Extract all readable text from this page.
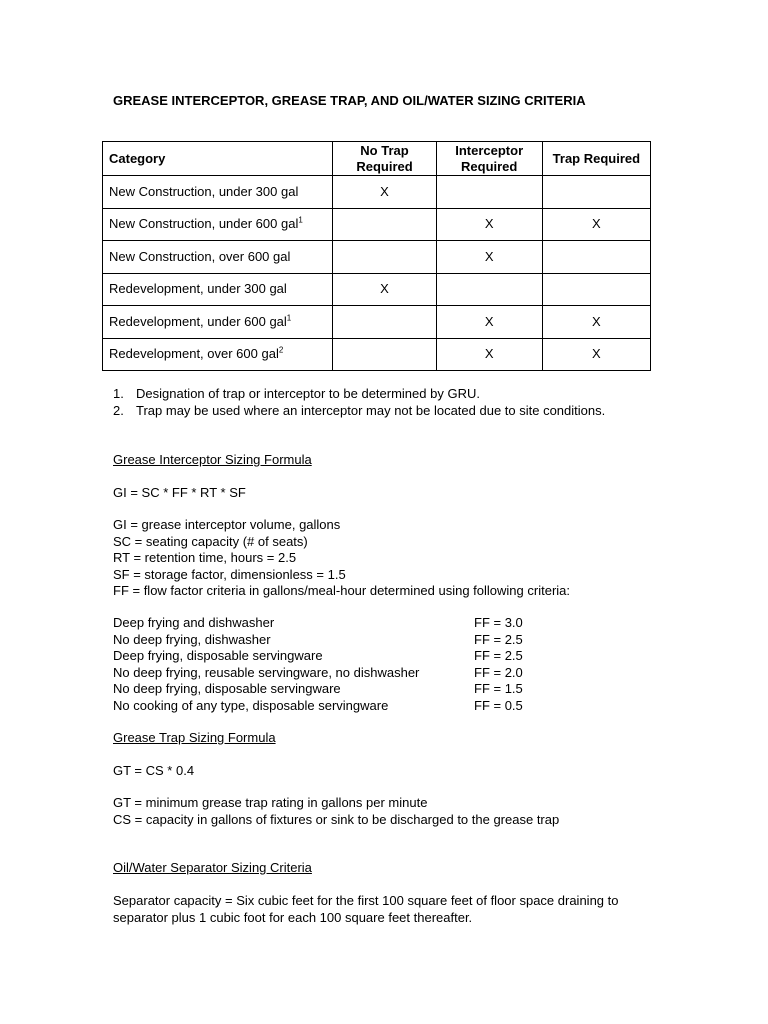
GREASE INTERCEPTOR, GREASE TRAP, AND OIL/WATER SIZING CRITERIA
Category	No Trap Required	Interceptor Required	Trap Required
New Construction, under 300 gal	X		
New Construction, under 600 gal$^1$		X	X
New Construction, over 600 gal		X	
Redevelopment, under 300 gal	X		
Redevelopment, under 600 gal$^1$		X	X
Redevelopment, over 600 gal$^2$		X	X
1. Designation of trap or interceptor to be determined by GRU.
2. Trap may be used where an interceptor may not be located due to site conditions.
Grease Interceptor Sizing Formula
GI = SC * FF * RT * SF
GI = grease interceptor volume, gallons
SC = seating capacity (# of seats)
RT = retention time, hours = 2.5
SF = storage factor, dimensionless = 1.5
FF = flow factor criteria in gallons/meal-hour determined using following criteria:
Deep frying and dishwasher	FF = 3.0
No deep frying, dishwasher	FF = 2.5
Deep frying, disposable servingware	FF = 2.5
No deep frying, reusable servingware, no dishwasher	FF = 2.0
No deep frying, disposable servingware	FF = 1.5
No cooking of any type, disposable servingware	FF = 0.5
Grease Trap Sizing Formula
GT = CS * 0.4
GT = minimum grease trap rating in gallons per minute
CS = capacity in gallons of fixtures or sink to be discharged to the grease trap
Oil/Water Separator Sizing Criteria
Separator capacity = Six cubic feet for the first 100 square feet of floor space draining to separator plus 1 cubic foot for each 100 square feet thereafter.
